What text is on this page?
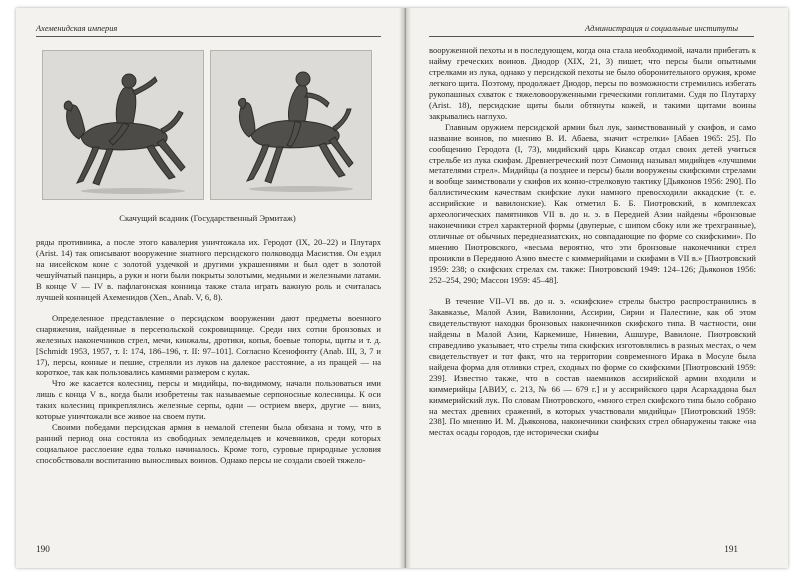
Ахеменидская империя
Скачущий всадник (Государственный Эрмитаж)

ряды противника, а после этого кавалерия уничтожала их. Геродот (IX, 20–22) и Плутарх (Arist. 14) так описывают вооружение знатного персидского полководца Масистия. Он ездил на нисейском коне с золотой уздечкой и другими украшениями и был одет в золотой чешуйчатый панцирь, а руки и ноги были покрыты золотыми, медными и железными латами. В конце V — IV в. пафлагонская конница также стала играть важную роль и считалась лучшей конницей Ахеменидов (Xen., Anab. V, 6, 8).

Определенное представление о персидском вооружении дают предметы военного снаряжения, найденные в персепольской сокровищнице. Среди них сотни бронзовых и железных наконечников стрел, мечи, кинжалы, дротики, копья, боевые топоры, щиты и т. д. [Schmidt 1953, 1957, т. I: 174, 186–196, т. II: 97–101]. Согласно Ксенофонту (Anab. III, 3, 7 и 17), персы, конные и пешие, стреляли из луков на далекое расстояние, а из пращей — на короткое, так как пользовались камнями размером с кулак.

Что же касается колесниц, персы и мидийцы, по-видимому, начали пользоваться ими лишь с конца V в., когда были изобретены так называемые серпоносные колесницы. К оси таких колесниц прикреплялись железные серпы, одни — острием вверх, другие — вниз, которые уничтожали все живое на своем пути.

Своими победами персидская армия в немалой степени была обязана и тому, что в ранний период она состояла из свободных земледельцев и кочевников, среди которых социальное расслоение едва только начиналось. Кроме того, суровые природные условия способствовали воспитанию выносливых воинов. Однако персы не создали своей тяжело-

190
Администрация и социальные институты

вооруженной пехоты и в последующем, когда она стала необходимой, начали прибегать к найму греческих воинов. Диодор (XIX, 21, 3) пишет, что персы были опытными стрелками из лука, однако у персидской пехоты не было оборонительного оружия, кроме легкого щита. Поэтому, продолжает Диодор, персы по возможности стремились избегать рукопашных схваток с тяжеловооруженными греческими гоплитами. Судя по Плутарху (Arist. 18), персидские щиты были обтянуты кожей, и такими щитами воины закрывались наглухо.

Главным оружием персидской армии был лук, заимствованный у скифов, и само название воинов, по мнению В. И. Абаева, значит «стрелки» [Абаев 1965: 25]. По сообщению Геродота (I, 73), мидийский царь Киаксар отдал своих детей учиться стрельбе из лука скифам. Древнегреческий поэт Симонид называл мидийцев «лучшими метателями стрел». Мидийцы (а позднее и персы) были вооружены скифскими стрелами и вообще заимствовали у скифов их конно-стрелковую тактику [Дьяконов 1956: 290]. По баллистическим качествам скифские луки намного превосходили аккадские (т. е. ассирийские и вавилонские). Как отметил Б. Б. Пиотровский, в комплексах археологических памятников VII в. до н. э. в Передней Азии найдены «бронзовые наконечники стрел характерной формы (двуперые, с шипом сбоку или же трехгранные), отличные от обычных переднеазиатских, но совпадающие по форме со скифскими». По мнению Пиотровского, «весьма вероятно, что эти бронзовые наконечники стрел проникли в Переднюю Азию вместе с киммерийцами и скифами в VII в.» [Пиотровский 1959: 238; о скифских стрелах см. также: Пиотровский 1949: 124–126; Дьяконов 1956: 252–254, 290; Массон 1959: 45–48].

В течение VII–VI вв. до н. э. «скифские» стрелы быстро распространились в Закавказье, Малой Азии, Вавилонии, Ассирии, Сирии и Палестине, как об этом свидетельствуют находки бронзовых наконечников скифского типа. В частности, они найдены в Малой Азии, Каркемише, Ниневии, Ашшуре, Вавилоне. Пиотровский справедливо указывает, что стрелы типа скифских изготовлялись в разных местах, о чем свидетельствует и тот факт, что на территории современного Ирака в Мосуле была найдена форма для отливки стрел, сходных по форме со скифскими [Пиотровский 1959: 239]. Известно также, что в состав наемников ассирийской армии входили и киммерийцы [АВИУ, с. 213, № 66 — 679 г.] и у ассирийского царя Асархаддона был киммерийский лук. По словам Пиотровского, «много стрел скифского типа было собрано на местах древних сражений, в которых участвовали мидийцы» [Пиотровский 1959: 238]. По мнению И. М. Дьяконова, наконечники скифских стрел обнаружены также «на местах осады городов, где исторически скифы

191
